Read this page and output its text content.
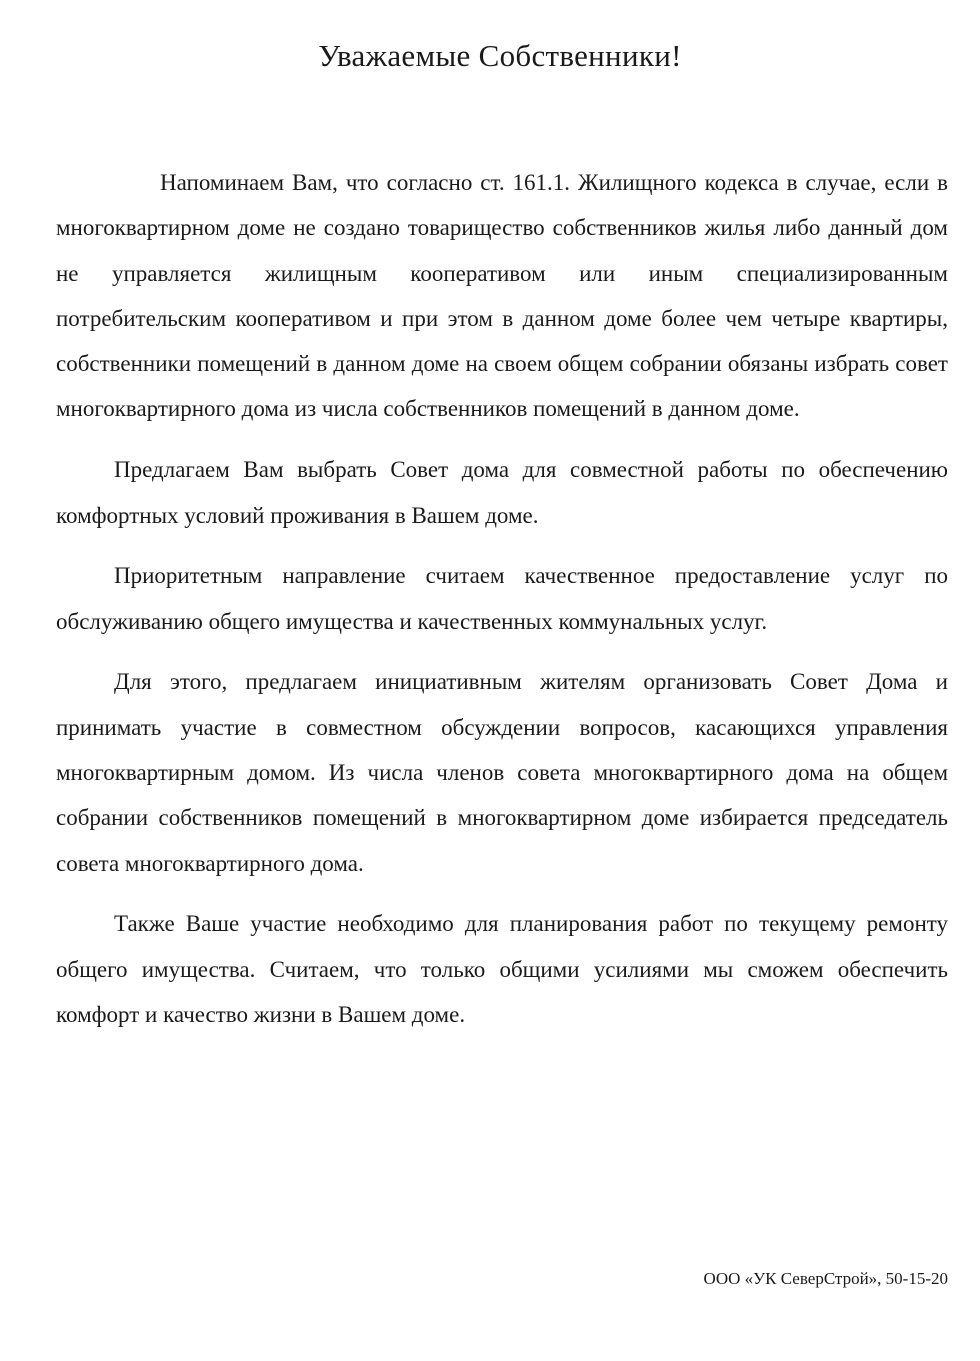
Уважаемые Собственники!

Напоминаем Вам, что согласно ст. 161.1. Жилищного кодекса в случае, если в многоквартирном доме не создано товарищество собственников жилья либо данный дом не управляется жилищным кооперативом или иным специализированным потребительским кооперативом и при этом в данном доме более чем четыре квартиры, собственники помещений в данном доме на своем общем собрании обязаны избрать совет многоквартирного дома из числа собственников помещений в данном доме.

Предлагаем Вам выбрать Совет дома для совместной работы по обеспечению комфортных условий проживания в Вашем доме.

Приоритетным направление считаем качественное предоставление услуг по обслуживанию общего имущества и качественных коммунальных услуг.

Для этого, предлагаем инициативным жителям организовать Совет Дома и принимать участие в совместном обсуждении вопросов, касающихся управления многоквартирным домом. Из числа членов совета многоквартирного дома на общем собрании собственников помещений в многоквартирном доме избирается председатель совета многоквартирного дома.

Также Ваше участие необходимо для планирования работ по текущему ремонту общего имущества. Считаем, что только общими усилиями мы сможем обеспечить комфорт и качество жизни в Вашем доме.

ООО «УК СеверСтрой», 50-15-20
